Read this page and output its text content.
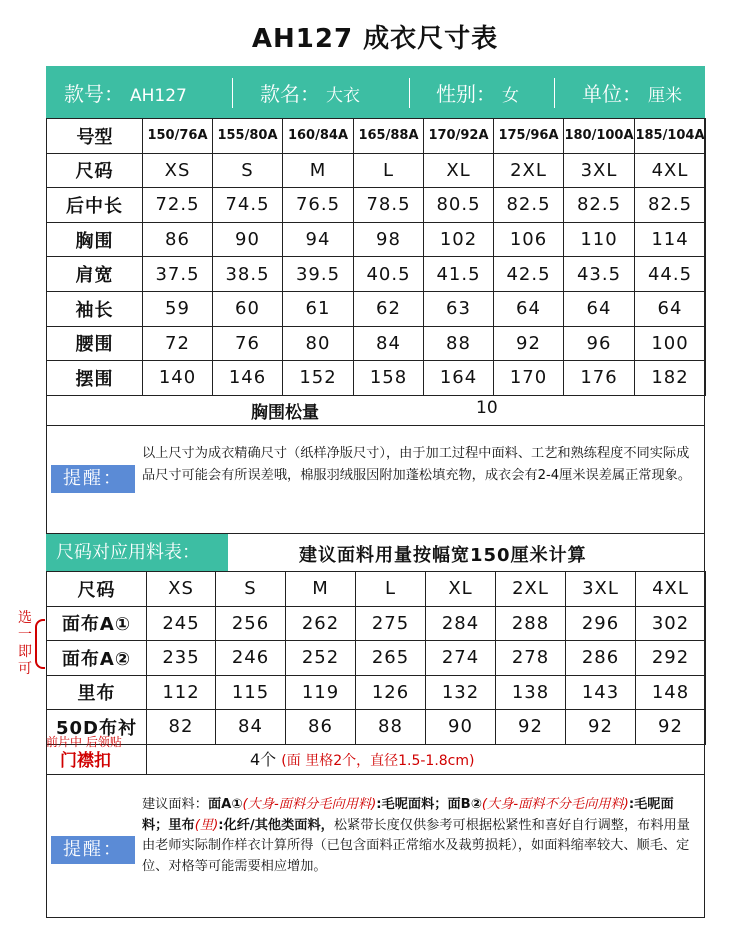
AH127 成衣尺寸表
款号： AH127	款名： 大衣	性别： 女	单位： 厘米
号型	150/76A	155/80A	160/84A	165/88A	170/92A	175/96A	180/100A	185/104A
尺码	XS	S	M	L	XL	2XL	3XL	4XL
后中长	72.5	74.5	76.5	78.5	80.5	82.5	82.5	82.5
胸围	86	90	94	98	102	106	110	114
肩宽	37.5	38.5	39.5	40.5	41.5	42.5	43.5	44.5
袖长	59	60	61	62	63	64	64	64
腰围	72	76	80	84	88	92	96	100
摆围	140	146	152	158	164	170	176	182
胸围松量	10
提醒：
以上尺寸为成衣精确尺寸（纸样净版尺寸），由于加工过程中面料、工艺和熟练程度不同实际成品尺寸可能会有所误差哦，棉服羽绒服因附加蓬松填充物，成衣会有2-4厘米误差属正常现象。
尺码对应用料表：	建议面料用量按幅宽150厘米计算
尺码	XS	S	M	L	XL	2XL	3XL	4XL
面布A①	245	256	262	275	284	288	296	302
面布A②	235	246	252	265	274	278	286	292
里布	112	115	119	126	132	138	143	148
50D布衬	82	84	86	88	90	92	92	92
前片中 后领贴
门襟扣	4个 (面 里格2个，直径1.5-1.8cm)
选一即可
提醒：
建议面料：面A①(大身-面料分毛向用料):毛呢面料；面B②(大身-面料不分毛向用料):毛呢面料；里布(里):化纤/其他类面料，松紧带长度仅供参考可根据松紧性和喜好自行调整，布料用量由老师实际制作样衣计算所得（已包含面料正常缩水及裁剪损耗），如面料缩率较大、顺毛、定位、对格等可能需要相应增加。
